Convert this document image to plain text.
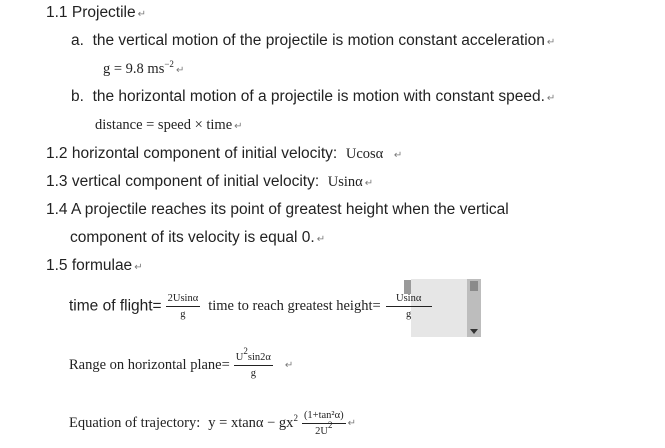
1.1 Projectile ↵
a. the vertical motion of the projectile is motion constant acceleration ↵
g = 9.8 $ms^{-2}↵$
b. the horizontal motion of a projectile is motion with constant speed. ↵
distance = speed × time ↵
1.2 horizontal component of initial velocity: Ucosα ↵
1.3 vertical component of initial velocity: Usinα ↵
1.4 A projectile reaches its point of greatest height when the vertical
component of its velocity is equal 0. ↵
1.5 formulae ↵
time of flight= $\frac{2Usin\alpha}{g}$ time to reach greatest height= $\frac{Usin\alpha}{g}$
Range on horizontal plane= $\frac{U^2\sin 2\alpha}{g}$ ↵
Equation of trajectory: $y = xtan\alpha - gx^2 \frac{\text{(1+tan²α)}}{2U^2}$ ↵
